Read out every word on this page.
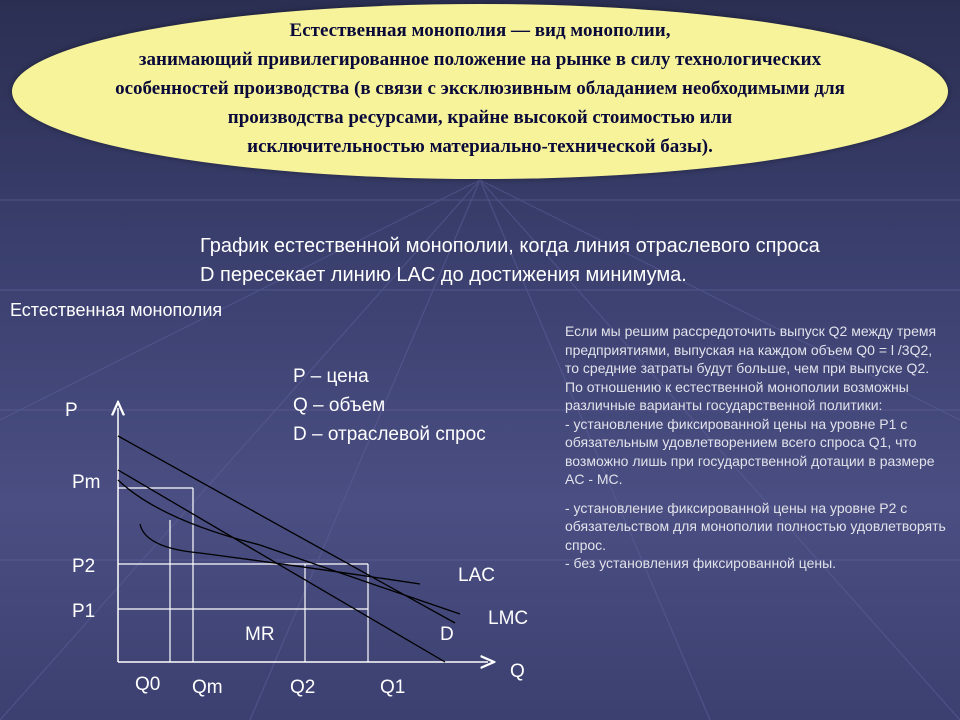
Естественная монополия — вид монополии,
занимающий привилегированное положение на рынке в силу технологических
особенностей производства (в связи с эксклюзивным обладанием необходимыми для
производства ресурсами, крайне высокой стоимостью или
исключительностью материально-технической базы).
График естественной монополии, когда линия отраслевого спроса
D пересекает линию LAC до достижения минимума.
Естественная монополия
P – цена
Q – объем
D – отраслевой спрос

Если мы решим рассредоточить выпуск Q2 между тремя предприятиями, выпуская на каждом объем Q0 = l /3Q2, то средние затраты будут больше, чем при выпуске Q2. По отношению к естественной монополии возможны различные варианты государственной политики:

- установление фиксированной цены на уровне P1 с обязательным удовлетворением всего спроса Q1, что возможно лишь при государственной дотации в размере AC - MC.

- установление фиксированной цены на уровне P2 с обязательством для монополии полностью удовлетворять спрос.

- без установления фиксированной цены.

P
Q
Pm
P2
P1
Q0 Qm	Q2	Q1
LAC
LMC
MR	D
